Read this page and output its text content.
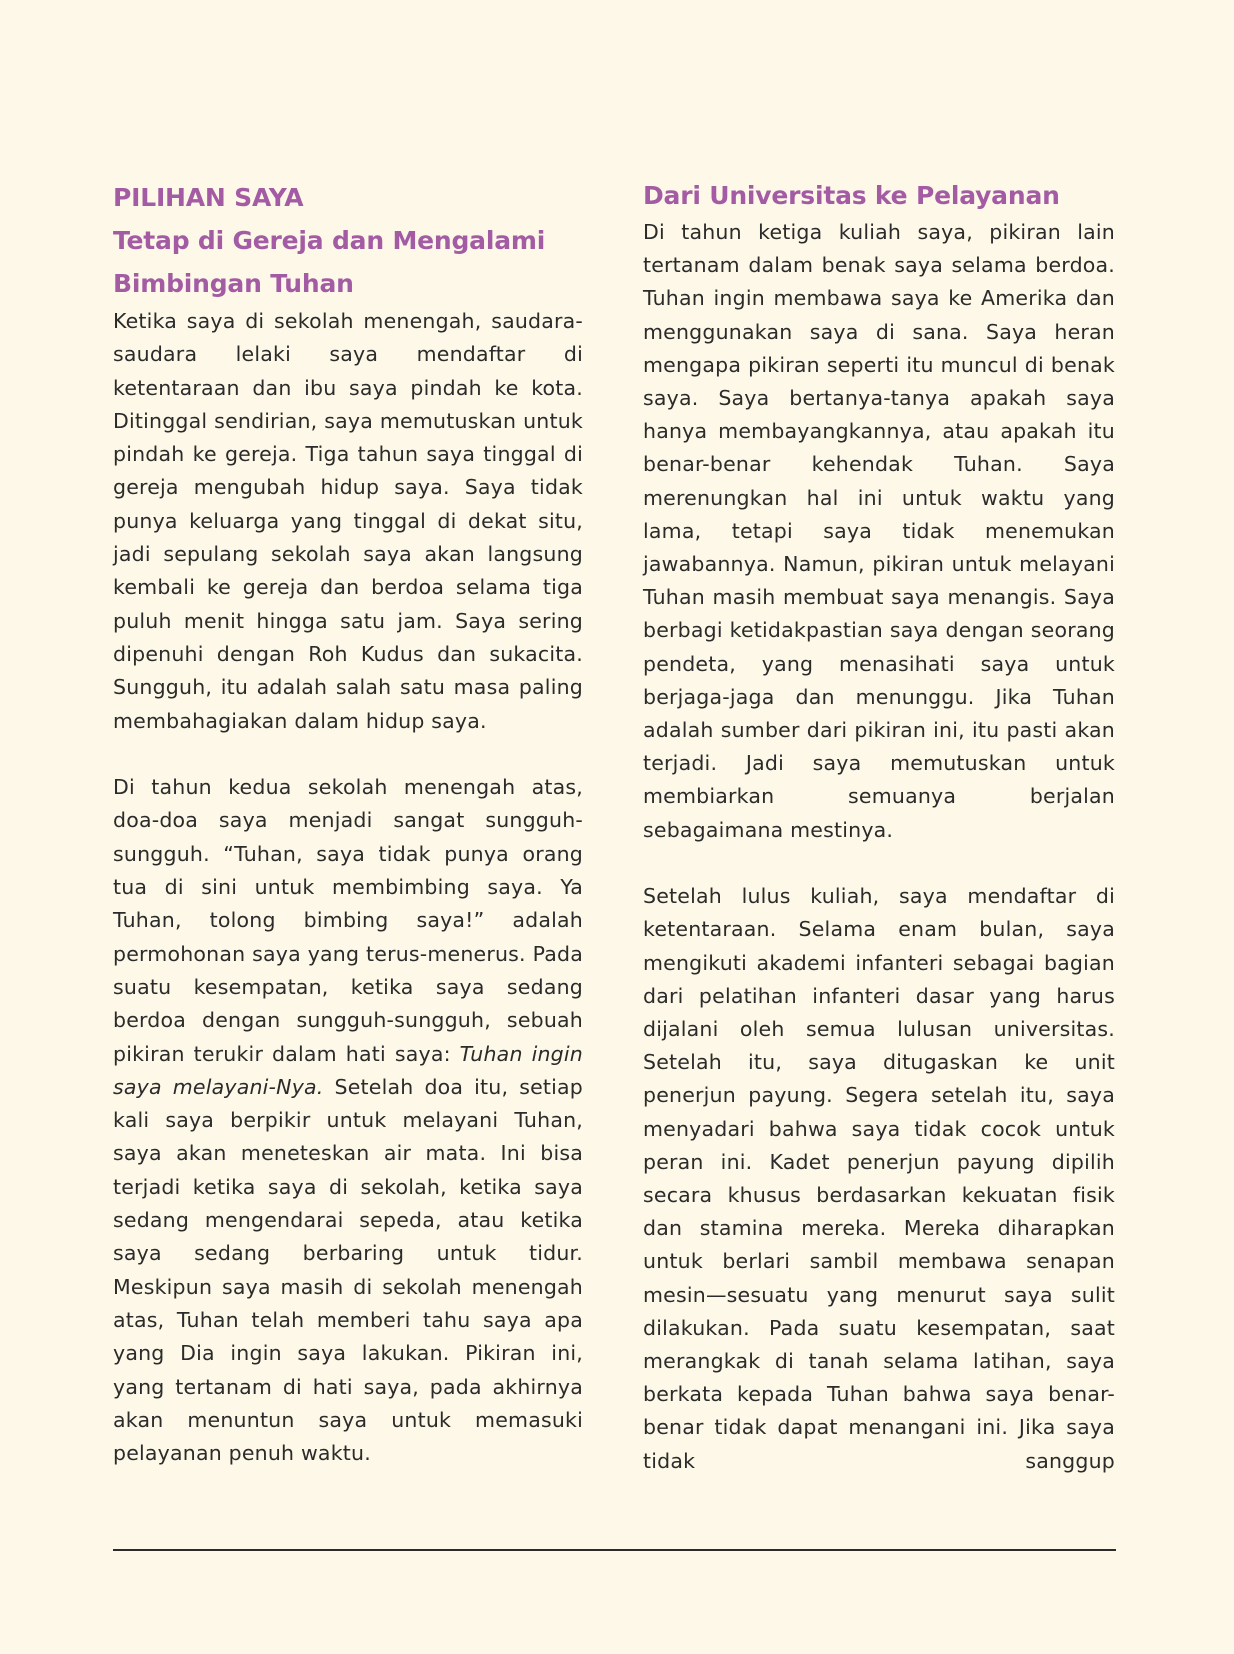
PILIHAN SAYA
Tetap di Gereja dan Mengalami
Bimbingan Tuhan

Ketika saya di sekolah menengah, saudara-saudara lelaki saya mendaftar di ketentaraan dan ibu saya pindah ke kota. Ditinggal sendirian, saya memutuskan untuk pindah ke gereja. Tiga tahun saya tinggal di gereja mengubah hidup saya. Saya tidak punya keluarga yang tinggal di dekat situ, jadi sepulang sekolah saya akan langsung kembali ke gereja dan berdoa selama tiga puluh menit hingga satu jam. Saya sering dipenuhi dengan Roh Kudus dan sukacita. Sungguh, itu adalah salah satu masa paling membahagiakan dalam hidup saya.

Di tahun kedua sekolah menengah atas, doa-doa saya menjadi sangat sungguh-sungguh. “Tuhan, saya tidak punya orang tua di sini untuk membimbing saya. Ya Tuhan, tolong bimbing saya!” adalah permohonan saya yang terus-menerus. Pada suatu kesempatan, ketika saya sedang berdoa dengan sungguh-sungguh, sebuah pikiran terukir dalam hati saya: Tuhan ingin saya melayani-Nya. Setelah doa itu, setiap kali saya berpikir untuk melayani Tuhan, saya akan meneteskan air mata. Ini bisa terjadi ketika saya di sekolah, ketika saya sedang mengendarai sepeda, atau ketika saya sedang berbaring untuk tidur. Meskipun saya masih di sekolah menengah atas, Tuhan telah memberi tahu saya apa yang Dia ingin saya lakukan. Pikiran ini, yang tertanam di hati saya, pada akhirnya akan menuntun saya untuk memasuki pelayanan penuh waktu.

Dari Universitas ke Pelayanan

Di tahun ketiga kuliah saya, pikiran lain tertanam dalam benak saya selama berdoa. Tuhan ingin membawa saya ke Amerika dan menggunakan saya di sana. Saya heran mengapa pikiran seperti itu muncul di benak saya. Saya bertanya-tanya apakah saya hanya membayangkannya, atau apakah itu benar-benar kehendak Tuhan. Saya merenungkan hal ini untuk waktu yang lama, tetapi saya tidak menemukan jawabannya. Namun, pikiran untuk melayani Tuhan masih membuat saya menangis. Saya berbagi ketidakpastian saya dengan seorang pendeta, yang menasihati saya untuk berjaga-jaga dan menunggu. Jika Tuhan adalah sumber dari pikiran ini, itu pasti akan terjadi. Jadi saya memutuskan untuk membiarkan semuanya berjalan sebagaimana mestinya.

Setelah lulus kuliah, saya mendaftar di ketentaraan. Selama enam bulan, saya mengikuti akademi infanteri sebagai bagian dari pelatihan infanteri dasar yang harus dijalani oleh semua lulusan universitas. Setelah itu, saya ditugaskan ke unit penerjun payung. Segera setelah itu, saya menyadari bahwa saya tidak cocok untuk peran ini. Kadet penerjun payung dipilih secara khusus berdasarkan kekuatan fisik dan stamina mereka. Mereka diharapkan untuk berlari sambil membawa senapan mesin—sesuatu yang menurut saya sulit dilakukan. Pada suatu kesempatan, saat merangkak di tanah selama latihan, saya berkata kepada Tuhan bahwa saya benar-benar tidak dapat menangani ini. Jika saya tidak sanggup
